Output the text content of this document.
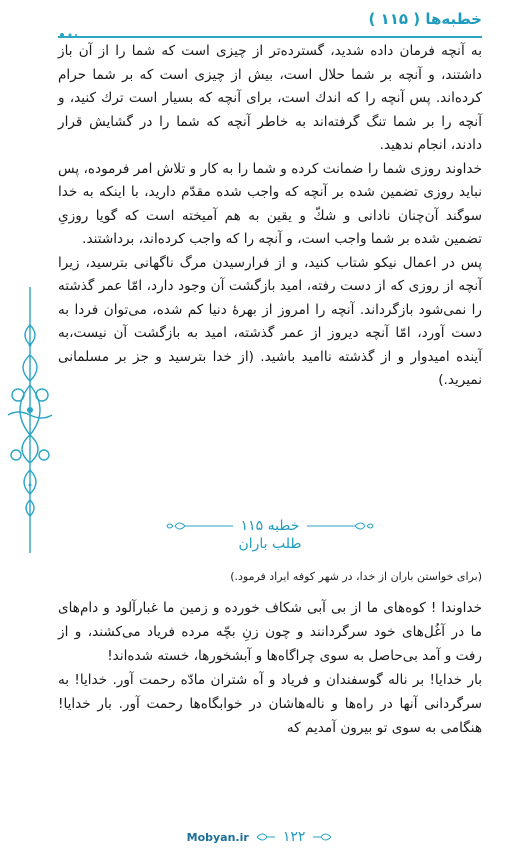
خطبه‌ها ( ۱۱۵ )

به آنچه فرمان داده شدید، گسترده‌تر از چیزی است که شما را از آن باز داشتند، و آنچه بر شما حلال است، بیش از چیزی است که بر شما حرام کرده‌اند. پس آنچه را که اندك است، برای آنچه که بسیار است ترك کنید، و آنچه را بر شما تنگ گرفته‌اند به خاطر آنچه که شما را در گشایش قرار دادند، انجام ندهید.

خداوند روزی شما را ضمانت کرده و شما را به کار و تلاش امر فرموده، پس نباید روزی تضمین شده بر آنچه که واجب شده مقدّم دارید، با اینکه به خدا سوگند آن‌چنان نادانی و شكّ و یقین به هم آمیخته است که گویا روزیِ تضمین شده بر شما واجب است، و آنچه را که واجب کرده‌اند، برداشتند.

پس در اعمال نیکو شتاب کنید، و از فرارسیدن مرگ ناگهانی بترسید، زیرا آنچه از روزی که از دست رفته، امید بازگشت آن وجود دارد، امّا عمر گذشته را نمی‌شود بازگرداند. آنچه را امروز از بهرهٔ دنیا کم شده، می‌توان فردا به دست آورد، امّا آنچه دیروز از عمر گذشته، امید به بازگشت آن نیست،به آینده امیدوار و از گذشته ناامید باشید. (از خدا بترسید و جز بر مسلمانی نمیرید.)

خطبه ۱۱۵
طلب باران
(برای خواستن باران از خدا، در شهر کوفه ایراد فرمود.)

خداوندا ! کوه‌های ما از بی آبی شکاف خورده و زمین ما غبارآلود و دام‌های ما در آغُل‌های خود سرگردانند و چون زنِ بچّه مرده فریاد می‌کشند، و از رفت و آمد بی‌حاصل به سوی چراگاه‌ها و آبشخورها، خسته شده‌اند!

بار خدایا! بر ناله گوسفندان و فریاد و آه شتران مادّه رحمت آور. خدایا! به سرگردانی آنها در راه‌ها و ناله‌هاشان در خوابگاه‌ها رحمت آور. بار خدایا! هنگامی به سوی تو بیرون آمدیم که

Mobyan.ir ۱۲۲
